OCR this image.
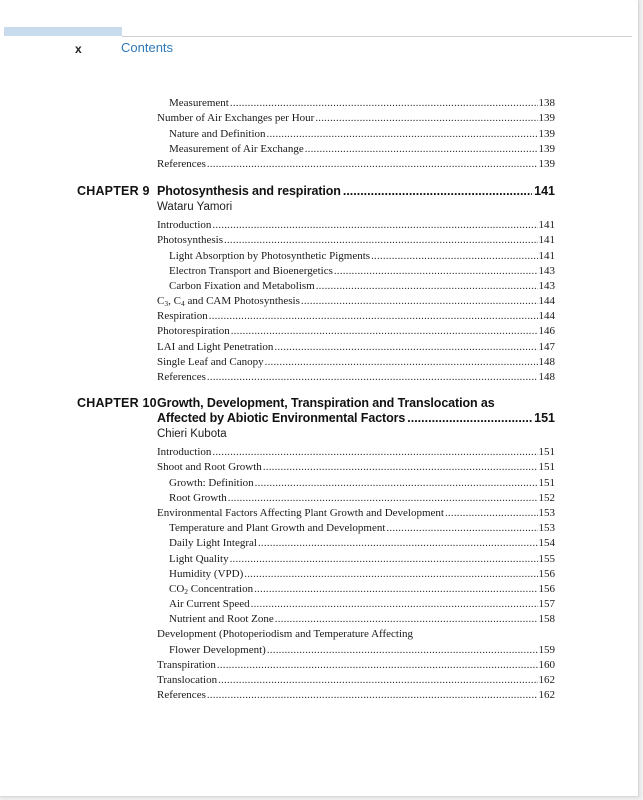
x	Contents
Measurement .....	138
Number of Air Exchanges per Hour .....	139
Nature and Definition .....	139
Measurement of Air Exchange .....	139
References .....	139
CHAPTER 9 Photosynthesis and respiration .....	141
Wataru Yamori
Introduction .....	141
Photosynthesis .....	141
Light Absorption by Photosynthetic Pigments .....	141
Electron Transport and Bioenergetics .....	143
Carbon Fixation and Metabolism .....	143
C3, C4 and CAM Photosynthesis .....	144
Respiration .....	144
Photorespiration .....	146
LAI and Light Penetration .....	147
Single Leaf and Canopy .....	148
References .....	148
CHAPTER 10 Growth, Development, Transpiration and Translocation as
Affected by Abiotic Environmental Factors .....	151
Chieri Kubota
Introduction .....	151
Shoot and Root Growth .....	151
Growth: Definition .....	151
Root Growth .....	152
Environmental Factors Affecting Plant Growth and Development .....	153
Temperature and Plant Growth and Development .....	153
Daily Light Integral .....	154
Light Quality .....	155
Humidity (VPD) .....	156
CO2 Concentration .....	156
Air Current Speed .....	157
Nutrient and Root Zone .....	158
Development (Photoperiodism and Temperature Affecting
Flower Development) .....	159
Transpiration .....	160
Translocation .....	162
References .....	162
